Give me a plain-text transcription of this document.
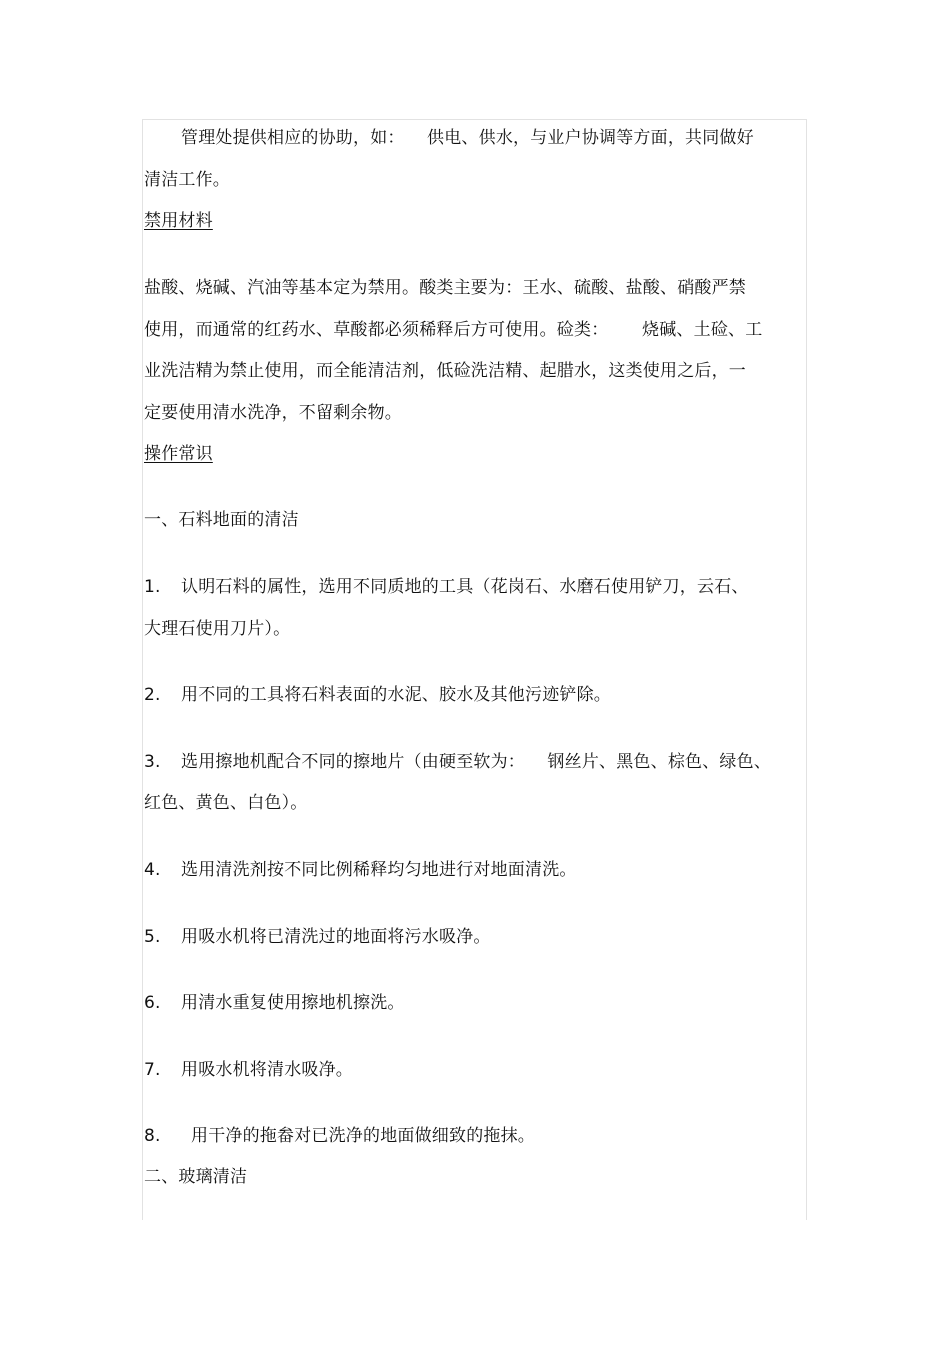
管理处提供相应的协助，如：    供电、供水，与业户协调等方面，共同做好
清洁工作。
禁用材料
盐酸、烧碱、汽油等基本定为禁用。酸类主要为：王水、硫酸、盐酸、硝酸严禁
使用，而通常的红药水、草酸都必须稀释后方可使用。硷类：      烧碱、土硷、工
业洗洁精为禁止使用，而全能清洁剂，低硷洗洁精、起腊水，这类使用之后，一
定要使用清水洗净，不留剩余物。
操作常识
一、石料地面的清洁
1. 认明石料的属性，选用不同质地的工具（花岗石、水磨石使用铲刀，云石、
大理石使用刀片）。
2. 用不同的工具将石料表面的水泥、胶水及其他污迹铲除。
3. 选用擦地机配合不同的擦地片（由硬至软为：    钢丝片、黑色、棕色、绿色、
红色、黄色、白色）。
4. 选用清洗剂按不同比例稀释均匀地进行对地面清洗。
5. 用吸水机将已清洗过的地面将污水吸净。
6. 用清水重复使用擦地机擦洗。
7. 用吸水机将清水吸净。
8. 用干净的拖畚对已洗净的地面做细致的拖抹。
二、玻璃清洁
